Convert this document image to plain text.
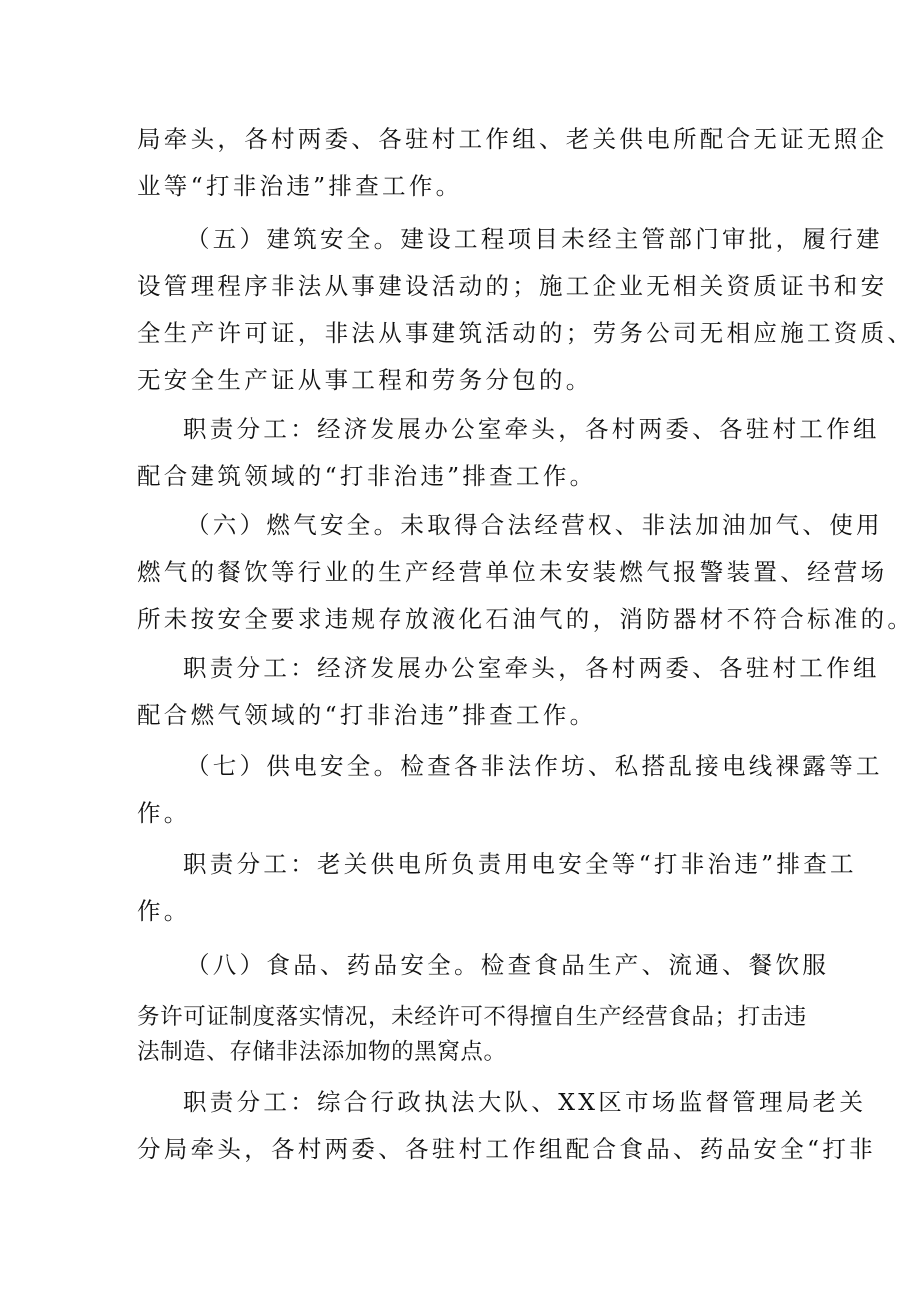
局牵头，各村两委、各驻村工作组、老关供电所配合无证无照企
业等“打非治违”排查工作。
（五）建筑安全。建设工程项目未经主管部门审批，履行建
设管理程序非法从事建设活动的；施工企业无相关资质证书和安
全生产许可证，非法从事建筑活动的；劳务公司无相应施工资质、
无安全生产证从事工程和劳务分包的。
职责分工：经济发展办公室牵头，各村两委、各驻村工作组
配合建筑领域的“打非治违”排查工作。
（六）燃气安全。未取得合法经营权、非法加油加气、使用
燃气的餐饮等行业的生产经营单位未安装燃气报警装置、经营场
所未按安全要求违规存放液化石油气的，消防器材不符合标准的。
职责分工：经济发展办公室牵头，各村两委、各驻村工作组
配合燃气领域的“打非治违”排查工作。
（七）供电安全。检查各非法作坊、私搭乱接电线裸露等工
作。
职责分工：老关供电所负责用电安全等“打非治违”排查工
作。
（八）食品、药品安全。检查食品生产、流通、餐饮服
务许可证制度落实情况，未经许可不得擅自生产经营食品；打击违
法制造、存储非法添加物的黑窝点。
职责分工：综合行政执法大队、XX区市场监督管理局老关
分局牵头，各村两委、各驻村工作组配合食品、药品安全“打非
